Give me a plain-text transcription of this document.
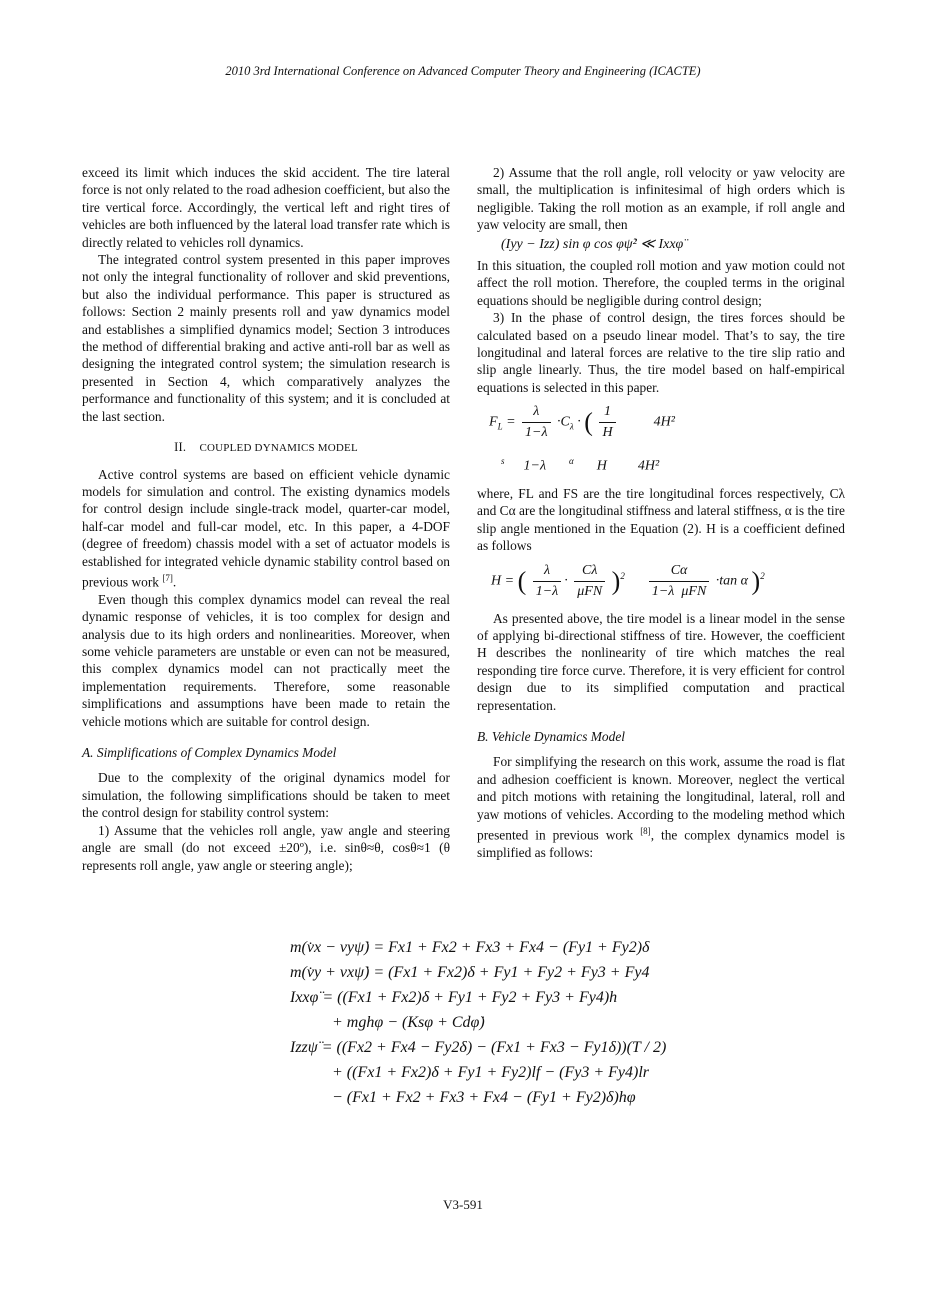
2010 3rd International Conference on Advanced Computer Theory and Engineering (ICACTE)

exceed its limit which induces the skid accident. The tire lateral force is not only related to the road adhesion coefficient, but also the tire vertical force. Accordingly, the vertical left and right tires of vehicles are both influenced by the lateral load transfer rate which is directly related to vehicles roll dynamics.

The integrated control system presented in this paper improves not only the integral functionality of rollover and skid preventions, but also the individual performance. This paper is structured as follows: Section 2 mainly presents roll and yaw dynamics model and establishes a simplified dynamics model; Section 3 introduces the method of differential braking and active anti-roll bar as well as designing the integrated control system; the simulation research is presented in Section 4, which comparatively analyzes the performance and functionality of this system; and it is concluded at the last section.

II. COUPLED DYNAMICS MODEL

Active control systems are based on efficient vehicle dynamic models for simulation and control. The existing dynamics models for control design include single-track model, quarter-car model, half-car model and full-car model, etc. In this paper, a 4-DOF (degree of freedom) chassis model with a set of actuator models is established for integrated vehicle dynamic stability control based on previous work [7].

Even though this complex dynamics model can reveal the real dynamic response of vehicles, it is too complex for design and analysis due to its high orders and nonlinearities. Moreover, when some vehicle parameters are unstable or even can not be measured, this complex dynamics model can not practically meet the implementation requirements. Therefore, some reasonable simplifications and assumptions have been made to retain the vehicle motions which are suitable for control design.

A. Simplifications of Complex Dynamics Model

Due to the complexity of the original dynamics model for simulation, the following simplifications should be taken to meet the control design for stability control system:

1) Assume that the vehicles roll angle, yaw angle and steering angle are small (do not exceed ±20º), i.e. sinθ≈θ, cosθ≈1 (θ represents roll angle, yaw angle or steering angle);

2) Assume that the roll angle, roll velocity or yaw velocity are small, the multiplication is infinitesimal of high orders which is negligible. Taking the roll motion as an example, if roll angle and yaw velocity are small, then

(Iyy − Izz) sin φ cos φψ̇² ≪ Ixxφ̈

In this situation, the coupled roll motion and yaw motion could not affect the roll motion. Therefore, the coupled terms in the original equations should be negligible during control design;

3) In the phase of control design, the tires forces should be calculated based on a pseudo linear model. That’s to say, the tire longitudinal and lateral forces are relative to the tire slip ratio and slip angle linearly. Thus, the tire model based on half-empirical equations is selected in this paper.

$F_L = \frac{\lambda}{1-\lambda} \cdot C_\lambda$ · ( $\frac{1}{H}$	4H²
$^s$ 1−λ	$^\alpha$ H 4H²

where, FL and FS are the tire longitudinal forces respectively, Cλ and Cα are the longitudinal stiffness and lateral stiffness, α is the tire slip angle mentioned in the Equation (2). H is a coefficient defined as follows

H = ( $\frac{\lambda}{1-\lambda} \cdot \frac{C\lambda}{\text{μFN}} )^2 \frac{C\alpha}{\text{1−λ μFN}} \cdot\tan$ α )$^2$

As presented above, the tire model is a linear model in the sense of applying bi-directional stiffness of tire. However, the coefficient H describes the nonlinearity of tire which matches the real responding tire force curve. Therefore, it is very efficient for control design due to its simplified computation and practical representation.

B. Vehicle Dynamics Model

For simplifying the research on this work, assume the road is flat and adhesion coefficient is known. Moreover, neglect the vertical and pitch motions with retaining the longitudinal, lateral, roll and yaw motions of vehicles. According to the modeling method which presented in previous work [8], the complex dynamics model is simplified as follows:

m(v̇x − vyψ̇) = Fx1 + Fx2 + Fx3 + Fx4 − (Fy1 + Fy2)δ
m(v̇y + vxψ̇) = (Fx1 + Fx2)δ + Fy1 + Fy2 + Fy3 + Fy4
Ixxφ̈ = ((Fx1 + Fx2)δ + Fy1 + Fy2 + Fy3 + Fy4)h
+ mghφ − (Ksφ + Cdφ̇)
Izzψ̈ = ((Fx2 + Fx4 − Fy2δ) − (Fx1 + Fx3 − Fy1δ))(T / 2)
+ ((Fx1 + Fx2)δ + Fy1 + Fy2)lf − (Fy3 + Fy4)lr
− (Fx1 + Fx2 + Fx3 + Fx4 − (Fy1 + Fy2)δ)hφ
V3-591
